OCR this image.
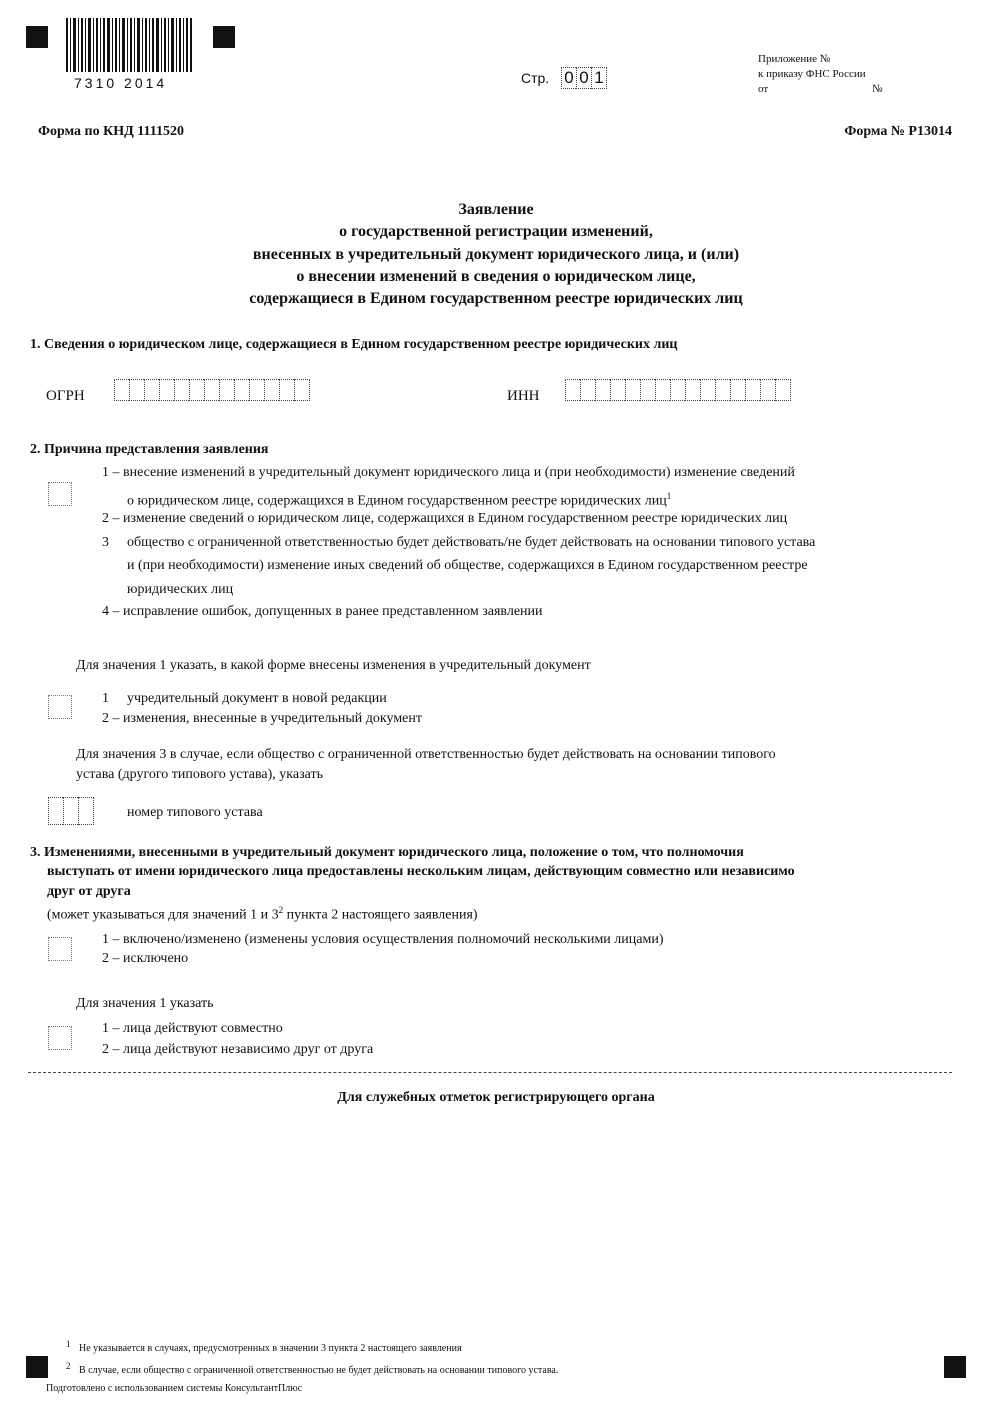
7310 2014	Стр. 0 0 1
Приложение №
к приказу ФНС России
от	№
Форма по КНД 1111520	Форма № Р13014
Заявление
о государственной регистрации изменений,
внесенных в учредительный документ юридического лица, и (или)
о внесении изменений в сведения о юридическом лице,
содержащиеся в Едином государственном реестре юридических лиц
1. Сведения о юридическом лице, содержащиеся в Едином государственном реестре юридических лиц
ОГРН	ИНН
2. Причина представления заявления
1 – внесение изменений в учредительный документ юридического лица и (при необходимости) изменение сведений
о юридическом лице, содержащихся в Едином государственном реестре юридических лиц$^1$
2 – изменение сведений о юридическом лице, содержащихся в Едином государственном реестре юридических лиц
3 общество с ограниченной ответственностью будет действовать/не будет действовать на основании типового устава
и (при необходимости) изменение иных сведений об обществе, содержащихся в Едином государственном реестре
юридических лиц
4 – исправление ошибок, допущенных в ранее представленном заявлении
Для значения 1 указать, в какой форме внесены изменения в учредительный документ
1 учредительный документ в новой редакции
2 – изменения, внесенные в учредительный документ
Для значения 3 в случае, если общество с ограниченной ответственностью будет действовать на основании типового
устава (другого типового устава), указать
номер типового устава
3. Изменениями, внесенными в учредительный документ юридического лица, положение о том, что полномочия
выступать от имени юридического лица предоставлены нескольким лицам, действующим совместно или независимо
друг от друга
(может указываться для значений 1 и $3^2$ пункта 2 настоящего заявления)
1 – включено/изменено (изменены условия осуществления полномочий несколькими лицами)
2 – исключено
Для значения 1 указать
1 – лица действуют совместно
2 – лица действуют независимо друг от друга
Для служебных отметок регистрирующего органа
$^1$ Не указывается в случаях, предусмотренных в значении 3 пункта 2 настоящего заявления
$^2$ В случае, если общество с ограниченной ответственностью не будет действовать на основании типового устава.
Подготовлено с использованием системы КонсультантПлюс
